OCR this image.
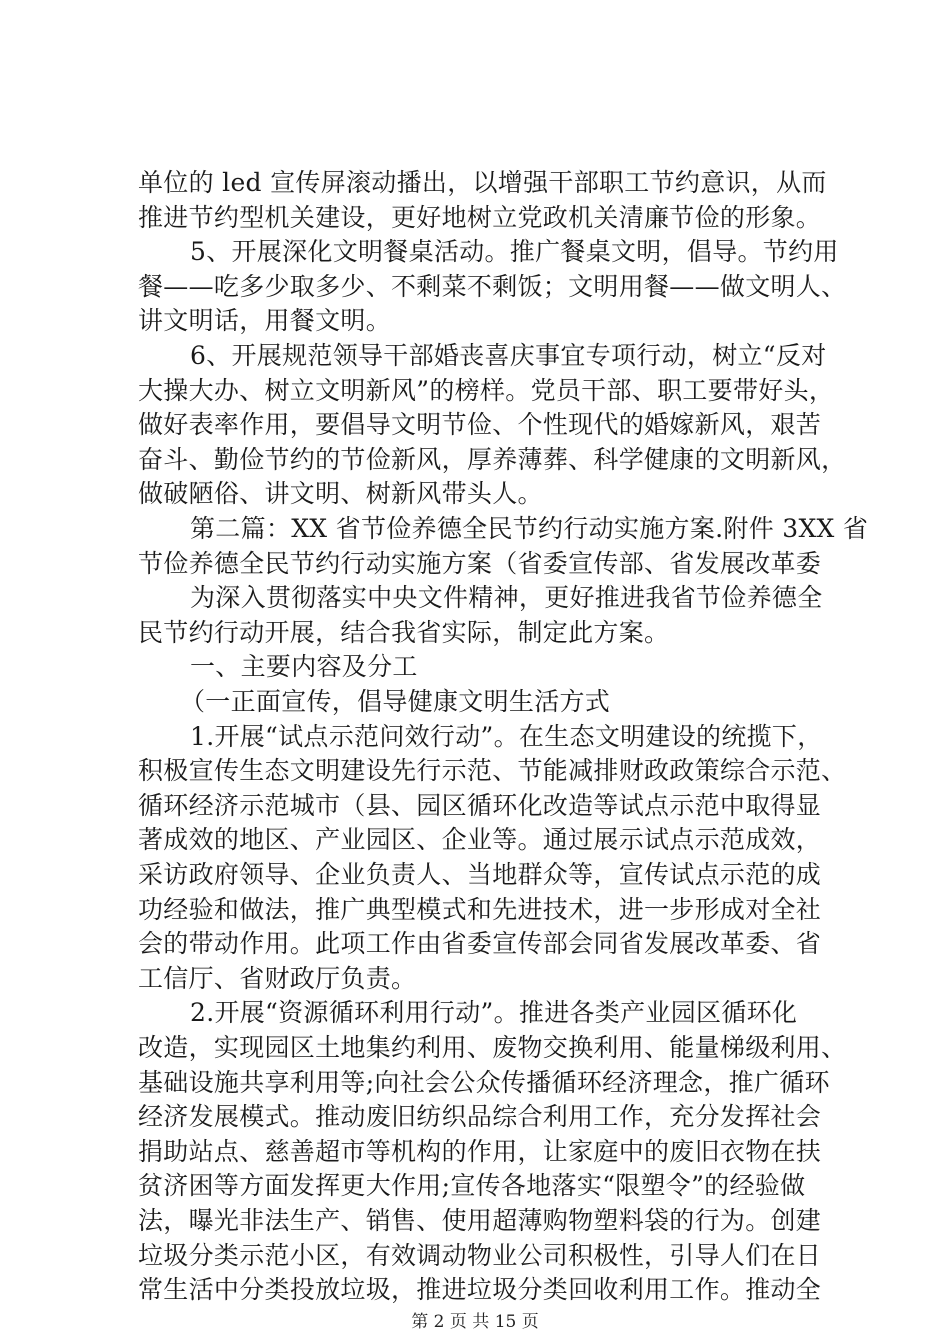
单位的 led 宣传屏滚动播出，以增强干部职工节约意识，从而
推进节约型机关建设，更好地树立党政机关清廉节俭的形象。
5、开展深化文明餐桌活动。推广餐桌文明，倡导。节约用
餐——吃多少取多少、不剩菜不剩饭；文明用餐——做文明人、
讲文明话，用餐文明。
6、开展规范领导干部婚丧喜庆事宜专项行动，树立“反对
大操大办、树立文明新风”的榜样。党员干部、职工要带好头，
做好表率作用，要倡导文明节俭、个性现代的婚嫁新风，艰苦
奋斗、勤俭节约的节俭新风，厚养薄葬、科学健康的文明新风，
做破陋俗、讲文明、树新风带头人。
第二篇：XX 省节俭养德全民节约行动实施方案.附件 3XX 省
节俭养德全民节约行动实施方案（省委宣传部、省发展改革委
为深入贯彻落实中央文件精神，更好推进我省节俭养德全
民节约行动开展，结合我省实际，制定此方案。
一、主要内容及分工
（一正面宣传，倡导健康文明生活方式
1.开展“试点示范问效行动”。在生态文明建设的统揽下，
积极宣传生态文明建设先行示范、节能减排财政政策综合示范、
循环经济示范城市（县、园区循环化改造等试点示范中取得显
著成效的地区、产业园区、企业等。通过展示试点示范成效，
采访政府领导、企业负责人、当地群众等，宣传试点示范的成
功经验和做法，推广典型模式和先进技术，进一步形成对全社
会的带动作用。此项工作由省委宣传部会同省发展改革委、省
工信厅、省财政厅负责。
2.开展“资源循环利用行动”。推进各类产业园区循环化
改造，实现园区土地集约利用、废物交换利用、能量梯级利用、
基础设施共享利用等;向社会公众传播循环经济理念，推广循环
经济发展模式。推动废旧纺织品综合利用工作，充分发挥社会
捐助站点、慈善超市等机构的作用，让家庭中的废旧衣物在扶
贫济困等方面发挥更大作用;宣传各地落实“限塑令”的经验做
法，曝光非法生产、销售、使用超薄购物塑料袋的行为。创建
垃圾分类示范小区，有效调动物业公司积极性，引导人们在日
常生活中分类投放垃圾，推进垃圾分类回收利用工作。推动全
第 2 页 共 15 页
